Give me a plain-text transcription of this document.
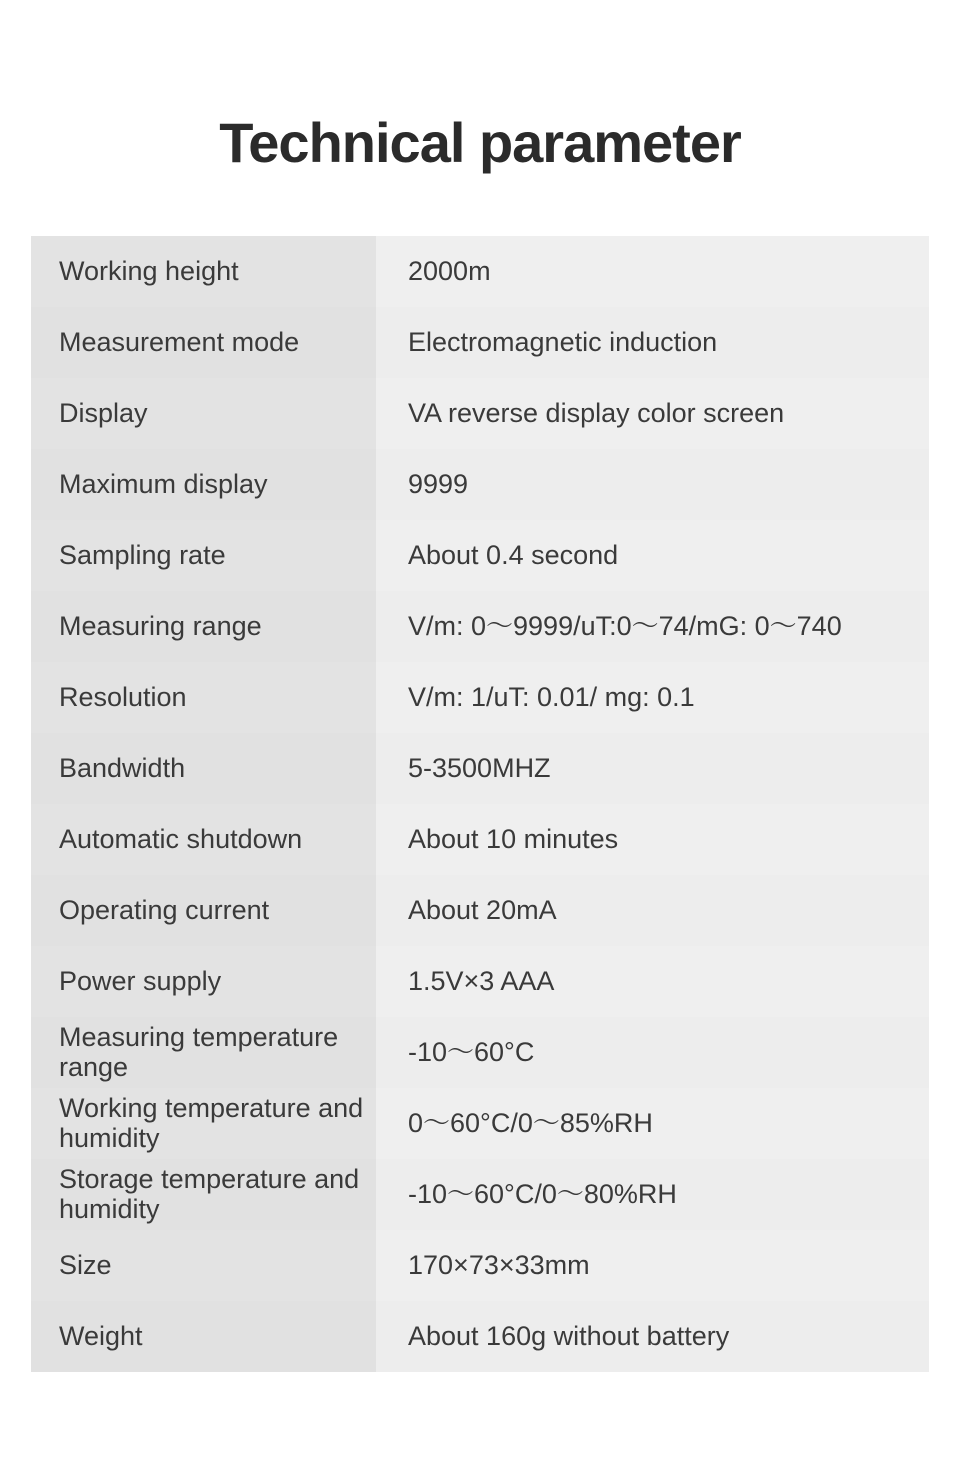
Technical parameter
Working height	2000m
Measurement mode	Electromagnetic induction
Display	VA reverse display color screen
Maximum display	9999
Sampling rate	About 0.4 second
Measuring range	V/m: 0～9999/uT:0～74/mG: 0～740
Resolution	V/m: 1/uT: 0.01/ mg: 0.1
Bandwidth	5-3500MHZ
Automatic shutdown	About 10 minutes
Operating current	About 20mA
Power supply	1.5V×3 AAA
Measuring temperature range	-10～60°C
Working temperature and humidity	0～60°C/0～85%RH
Storage temperature and humidity	-10～60°C/0～80%RH
Size	170×73×33mm
Weight	About 160g without battery
